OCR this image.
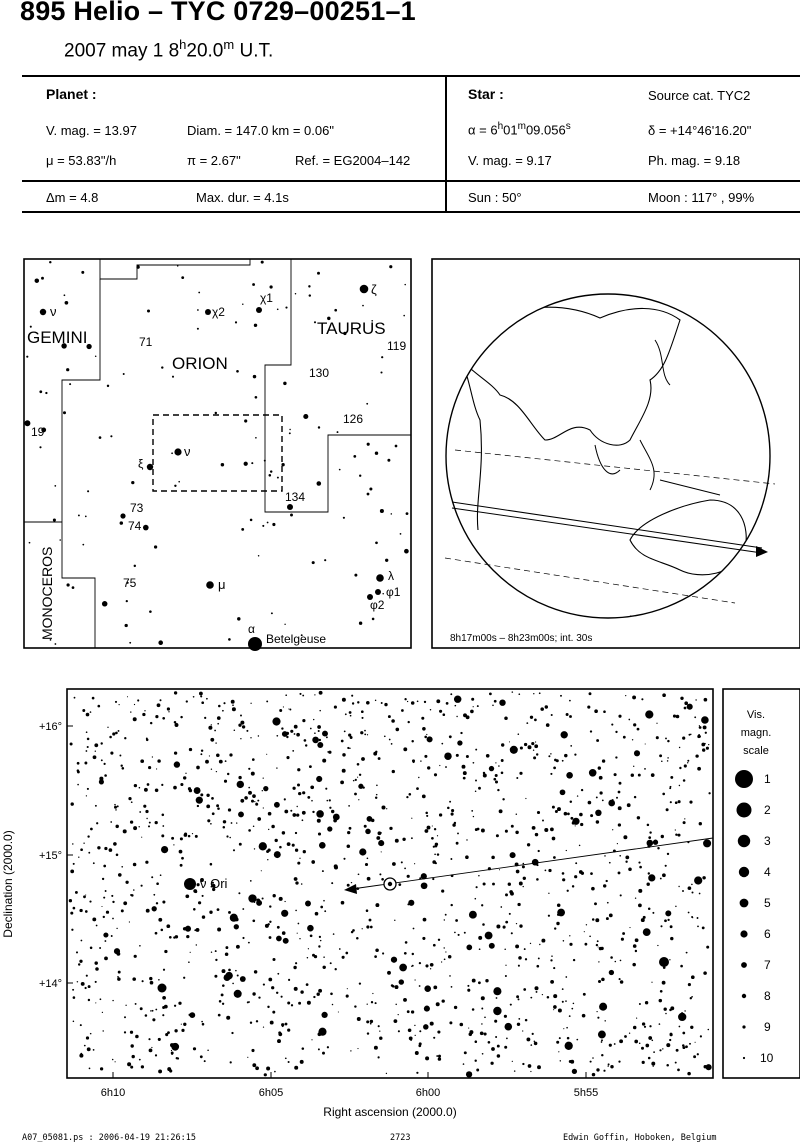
895 Helio – TYC 0729–00251–1
2007 may 1 8$^h$20.0$^m$ U.T.
Planet :
V. mag. = 13.97	Diam. = 147.0 km = 0.06"
μ = 53.83"/h	π = 2.67"	Ref. = EG2004–142
Δm = 4.8	Max. dur. = 4.1s
Star :	Source cat. TYC2
$\alpha = 6^h01^m09.056^s$	δ = +14°46'16.20"
V. mag. = 9.17	Ph. mag. = 9.18
Sun : 50°	Moon : 117° , 99%
GEMINI
ORION
TAURUS
MONOCEROS
ν	χ2
χ1
ζ
71
130
119
19
126
ξ
ν
134
73
74
λ
φ1
φ2
75	μ
α
Betelgeuse	8h17m00s – 8h23m00s; int. 30s
ν Ori
+16°
+15°
+14°
6h10	6h05	6h00	5h55
Right ascension (2000.0)
Declination (2000.0)
Vis.
magn.
scale
1
2
3
4
5
6
7
8
9
10
A07_05081.ps : 2006-04-19 21:26:15	2723	Edwin Goffin, Hoboken, Belgium
